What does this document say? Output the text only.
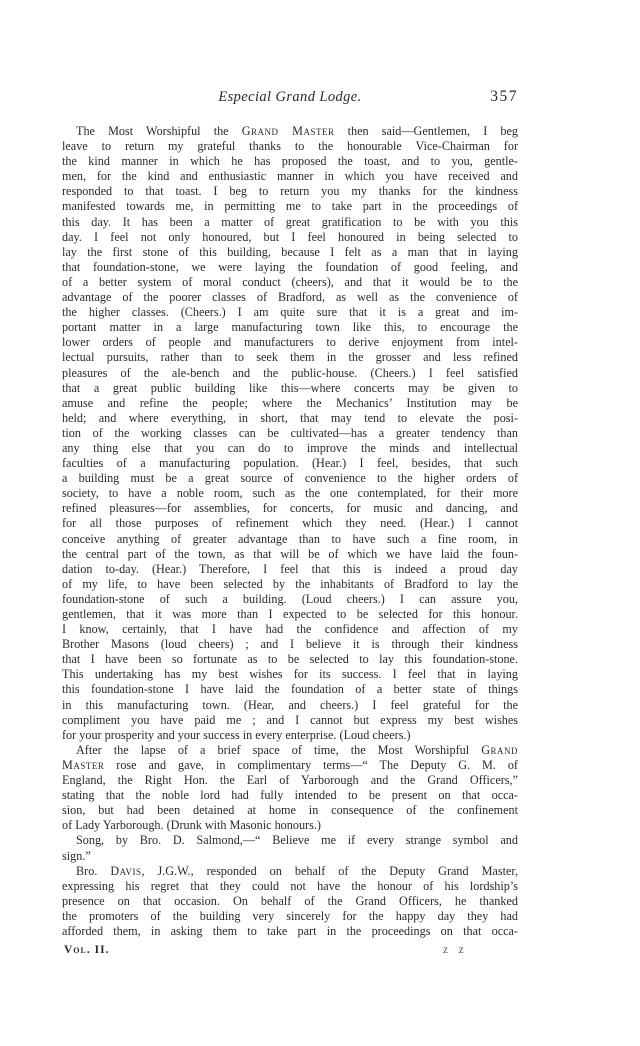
Especial Grand Lodge.	357
The Most Worshipful the Grand Master then said—Gentlemen, I beg
leave to return my grateful thanks to the honourable Vice-Chairman for
the kind manner in which he has proposed the toast, and to you, gentle-
men, for the kind and enthusiastic manner in which you have received and
responded to that toast. I beg to return you my thanks for the kindness
manifested towards me, in permitting me to take part in the proceedings of
this day. It has been a matter of great gratification to be with you this
day. I feel not only honoured, but I feel honoured in being selected to
lay the first stone of this building, because I felt as a man that in laying
that foundation-stone, we were laying the foundation of good feeling, and
of a better system of moral conduct (cheers), and that it would be to the
advantage of the poorer classes of Bradford, as well as the convenience of
the higher classes. (Cheers.) I am quite sure that it is a great and im-
portant matter in a large manufacturing town like this, to encourage the
lower orders of people and manufacturers to derive enjoyment from intel-
lectual pursuits, rather than to seek them in the grosser and less refined
pleasures of the ale-bench and the public-house. (Cheers.) I feel satisfied
that a great public building like this—where concerts may be given to
amuse and refine the people; where the Mechanics’ Institution may be
held; and where everything, in short, that may tend to elevate the posi-
tion of the working classes can be cultivated—has a greater tendency than
any thing else that you can do to improve the minds and intellectual
faculties of a manufacturing population. (Hear.) I feel, besides, that such
a building must be a great source of convenience to the higher orders of
society, to have a noble room, such as the one contemplated, for their more
refined pleasures—for assemblies, for concerts, for music and dancing, and
for all those purposes of refinement which they need. (Hear.) I cannot
conceive anything of greater advantage than to have such a fine room, in
the central part of the town, as that will be of which we have laid the foun-
dation to-day. (Hear.) Therefore, I feel that this is indeed a proud day
of my life, to have been selected by the inhabitants of Bradford to lay the
foundation-stone of such a building. (Loud cheers.) I can assure you,
gentlemen, that it was more than I expected to be selected for this honour.
I know, certainly, that I have had the confidence and affection of my
Brother Masons (loud cheers) ; and I believe it is through their kindness
that I have been so fortunate as to be selected to lay this foundation-stone.
This undertaking has my best wishes for its success. I feel that in laying
this foundation-stone I have laid the foundation of a better state of things
in this manufacturing town. (Hear, and cheers.) I feel grateful for the
compliment you have paid me ; and I cannot but express my best wishes
for your prosperity and your success in every enterprise. (Loud cheers.)
After the lapse of a brief space of time, the Most Worshipful Grand
Master rose and gave, in complimentary terms—“ The Deputy G. M. of
England, the Right Hon. the Earl of Yarborough and the Grand Officers,”
stating that the noble lord had fully intended to be present on that occa-
sion, but had been detained at home in consequence of the confinement
of Lady Yarborough. (Drunk with Masonic honours.)
Song, by Bro. D. Salmond,—“ Believe me if every strange symbol and
sign.”
Bro. Davis, J.G.W., responded on behalf of the Deputy Grand Master,
expressing his regret that they could not have the honour of his lordship’s
presence on that occasion. On behalf of the Grand Officers, he thanked
the promoters of the building very sincerely for the happy day they had
afforded them, in asking them to take part in the proceedings on that occa-
Vol. II.	z z
